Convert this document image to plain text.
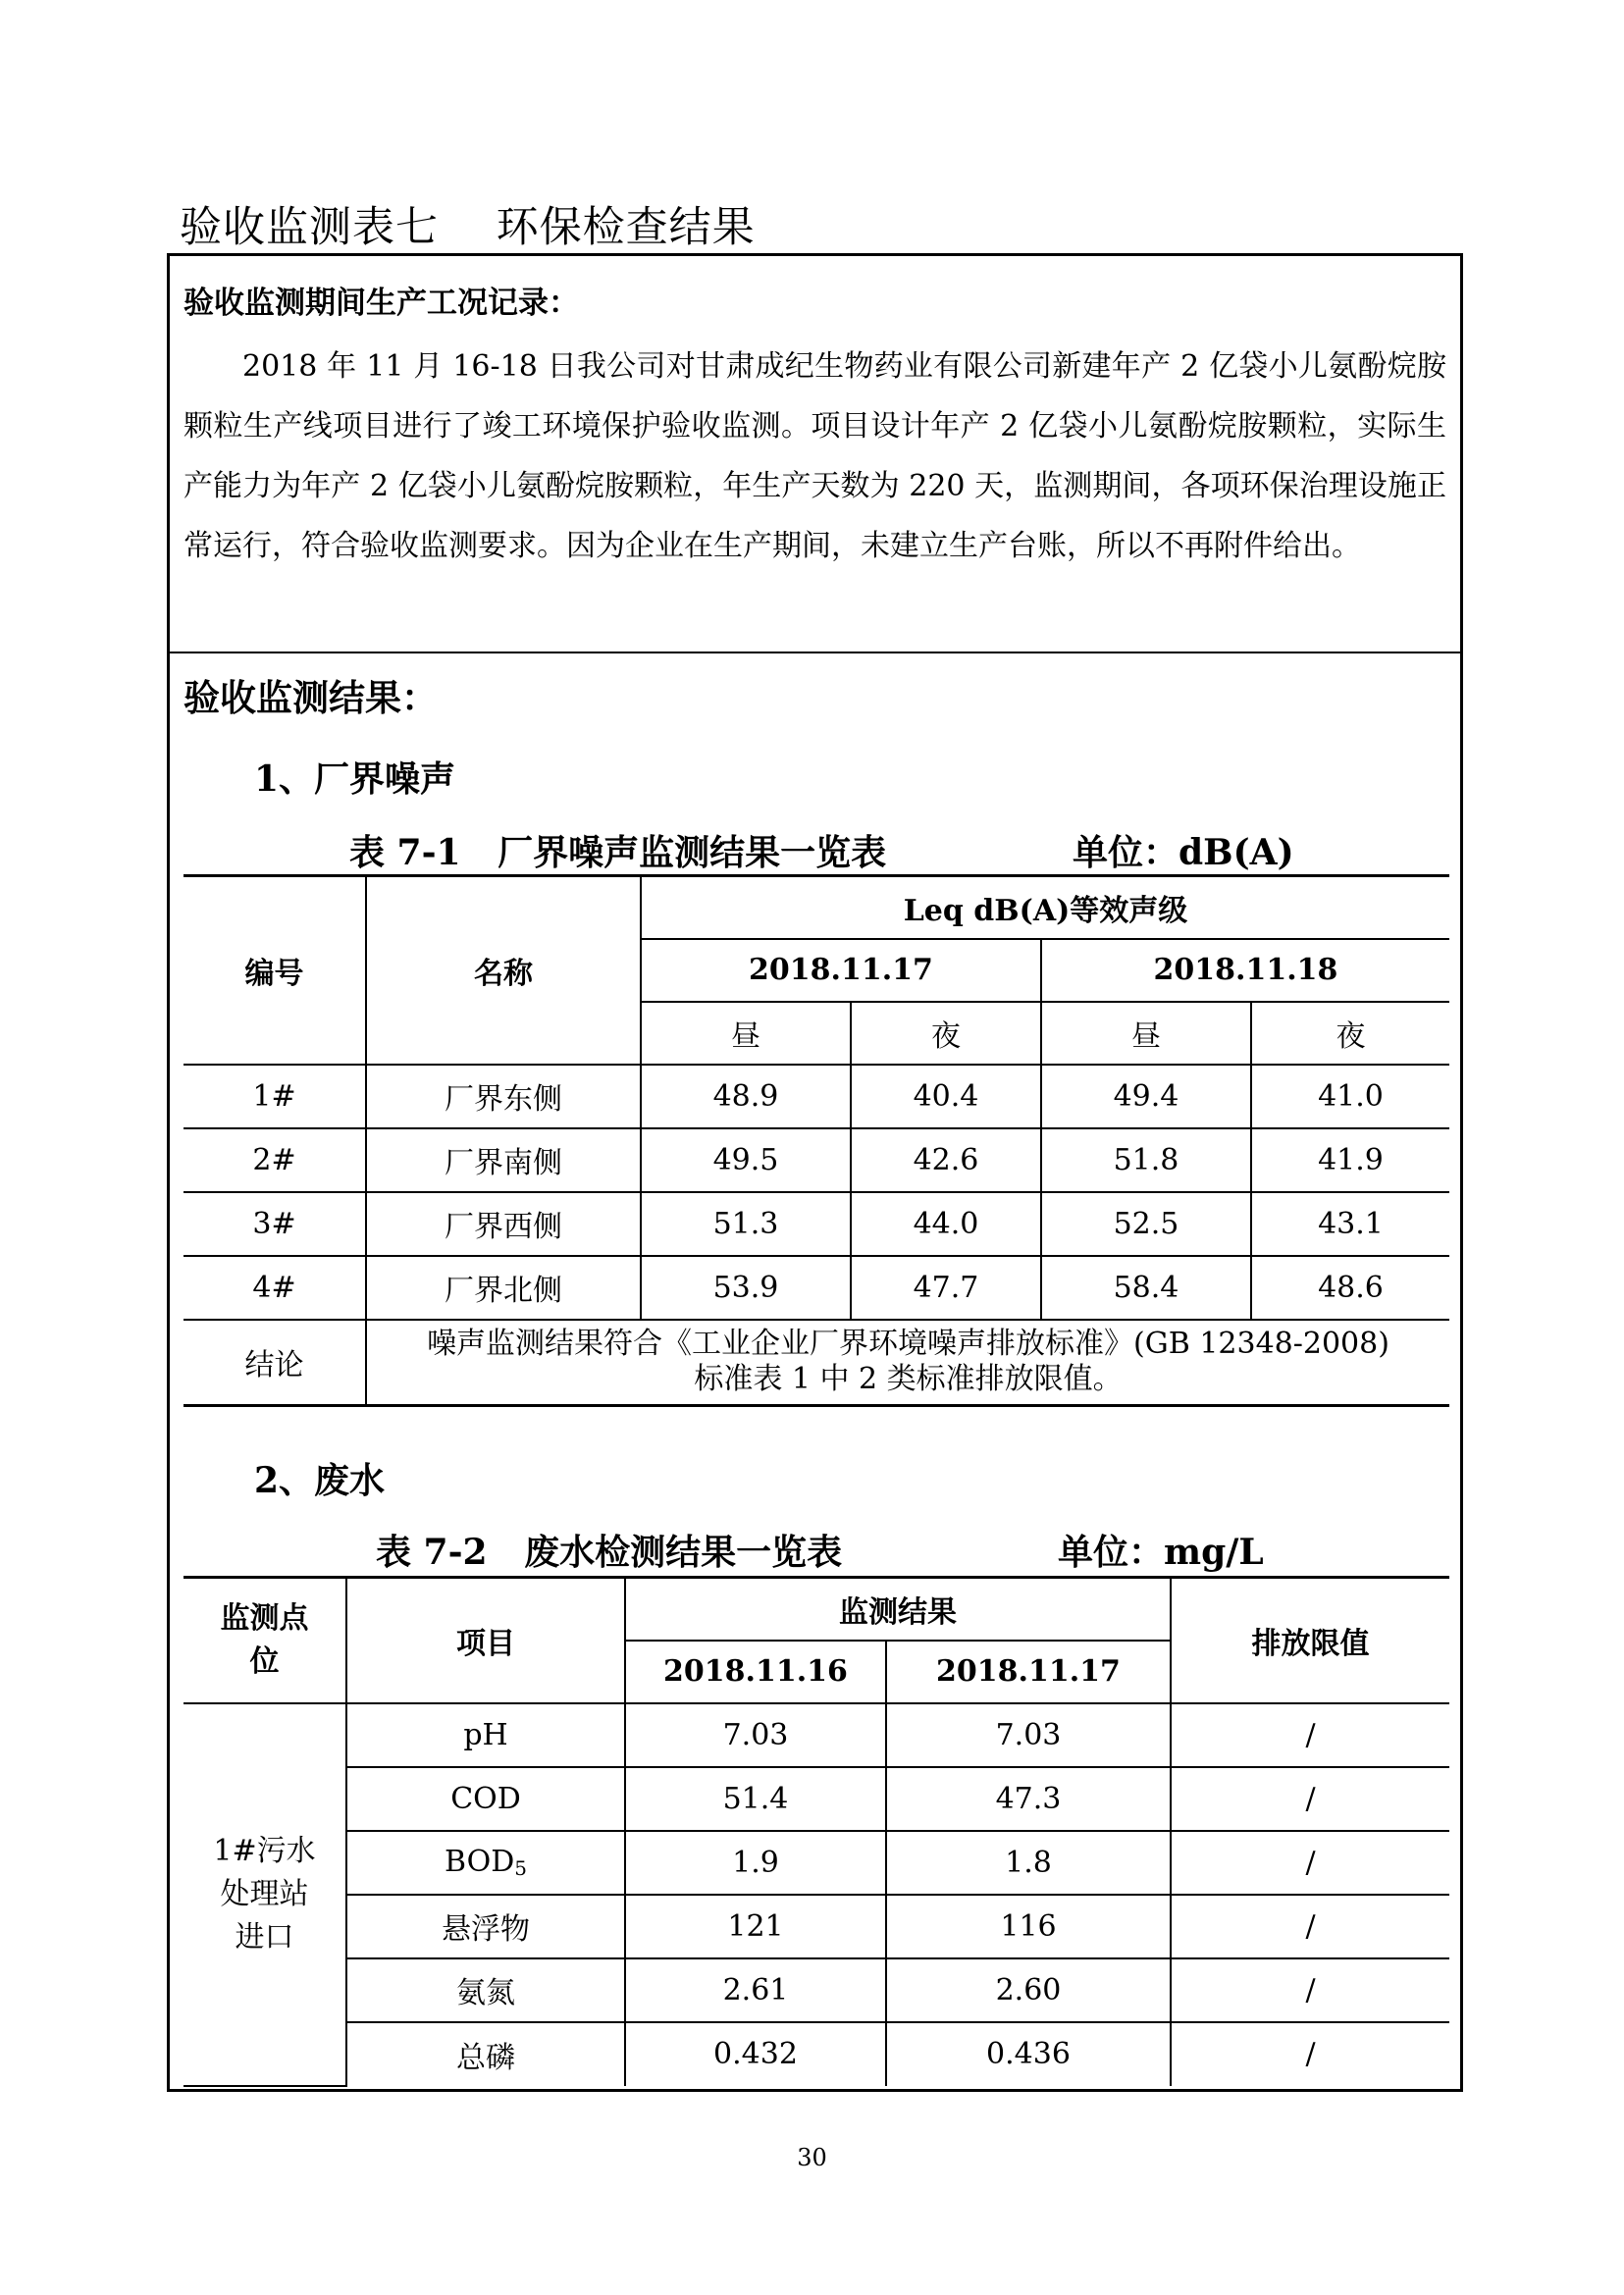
验收监测表七    环保检查结果
验收监测期间生产工况记录：
2018 年 11 月 16-18 日我公司对甘肃成纪生物药业有限公司新建年产 2 亿袋小儿氨酚烷胺颗粒生产线项目进行了竣工环境保护验收监测。项目设计年产 2 亿袋小儿氨酚烷胺颗粒，实际生产能力为年产 2 亿袋小儿氨酚烷胺颗粒，年生产天数为 220 天，监测期间，各项环保治理设施正常运行，符合验收监测要求。因为企业在生产期间，未建立生产台账，所以不再附件给出。
验收监测结果：
1、厂界噪声
表 7-1   厂界噪声监测结果一览表	单位：dB(A)
编号	名称	Leq dB(A)等效声级			
		2018.11.17		2018.11.18	
		昼	夜	昼	夜
1#	厂界东侧	48.9	40.4	49.4	41.0
2#	厂界南侧	49.5	42.6	51.8	41.9
3#	厂界西侧	51.3	44.0	52.5	43.1
4#	厂界北侧	53.9	47.7	58.4	48.6
结论	噪声监测结果符合《工业企业厂界环境噪声排放标准》(GB 12348-2008)
标准表 1 中 2 类标准排放限值。				
2、废水
表 7-2   废水检测结果一览表	单位：mg/L
监测点
位	项目	监测结果		排放限值
		2018.11.16	2018.11.17	

1#污水
处理站
进口	pH	7.03	7.03	/
	COD	51.4	47.3	/
	$BOD_5$	1.9	1.8	/
	悬浮物	121	116	/
	氨氮	2.61	2.60	/
	总磷	0.432	0.436	/
30
